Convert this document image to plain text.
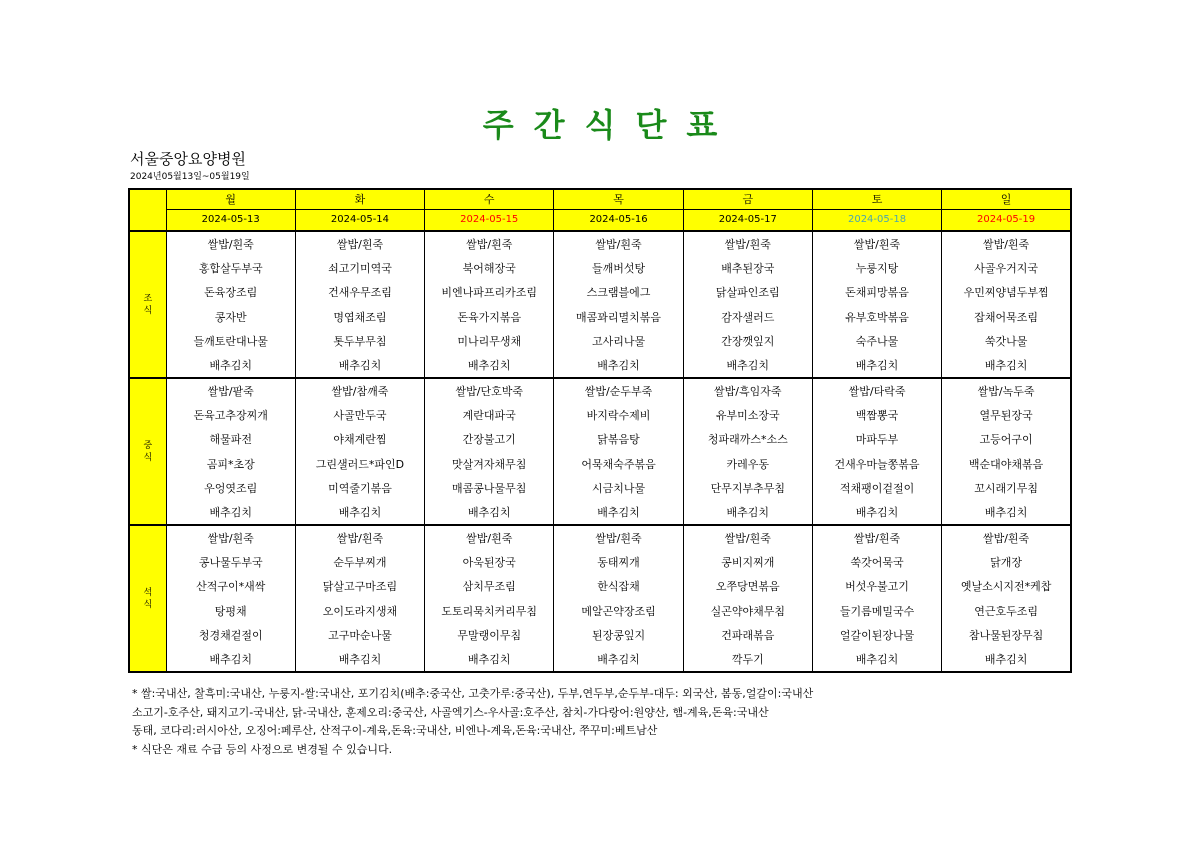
주 간 식 단 표
서울중앙요양병원
2024년05월13일~05월19일
	월	화	수	목	금	토	일
	2024-05-13	2024-05-14	2024-05-15	2024-05-16	2024-05-17	2024-05-18	2024-05-19

조
식	쌀밥/흰죽	쌀밥/흰죽	쌀밥/흰죽	쌀밥/흰죽	쌀밥/흰죽	쌀밥/흰죽	쌀밥/흰죽
	홍합살두부국	쇠고기미역국	북어해장국	들깨버섯탕	배추된장국	누룽지탕	사골우거지국
	돈육장조림	건새우무조림	비엔나파프리카조림	스크램블에그	닭살파인조림	돈채피망볶음	우민찌양념두부찜
	콩자반	명엽채조림	돈육가지볶음	매콤꽈리멸치볶음	감자샐러드	유부호박볶음	잡채어묵조림
	들깨토란대나물	톳두부무침	미나리무생채	고사리나물	간장깻잎지	숙주나물	쑥갓나물
	배추김치	배추김치	배추김치	배추김치	배추김치	배추김치	배추김치

중
식	쌀밥/팥죽	쌀밥/참깨죽	쌀밥/단호박죽	쌀밥/순두부죽	쌀밥/흑임자죽	쌀밥/타락죽	쌀밥/녹두죽
	돈육고추장찌개	사골만두국	계란대파국	바지락수제비	유부미소장국	백짬뽕국	열무된장국
	해물파전	야채계란찜	간장불고기	닭볶음탕	청파래까스*소스	마파두부	고등어구이
	곰피*초장	그린샐러드*파인D	맛살겨자채무침	어묵채숙주볶음	카레우동	건새우마늘쫑볶음	백순대야채볶음
	우엉엿조림	미역줄기볶음	매콤콩나물무침	시금치나물	단무지부추무침	적채팽이겉절이	꼬시래기무침
	배추김치	배추김치	배추김치	배추김치	배추김치	배추김치	배추김치

석
식	쌀밥/흰죽	쌀밥/흰죽	쌀밥/흰죽	쌀밥/흰죽	쌀밥/흰죽	쌀밥/흰죽	쌀밥/흰죽
	콩나물두부국	순두부찌개	아욱된장국	동태찌개	콩비지찌개	쑥갓어묵국	닭개장
	산적구이*새싹	닭살고구마조림	삼치무조림	한식잡채	오쭈당면볶음	버섯우불고기	옛날소시지전*케찹
	탕평채	오이도라지생채	도토리묵치커리무침	메알곤약장조림	실곤약야채무침	들기름메밀국수	연근호두조림
	청경채겉절이	고구마순나물	무말랭이무침	된장콩잎지	건파래볶음	얼갈이된장나물	참나물된장무침
	배추김치	배추김치	배추김치	배추김치	깍두기	배추김치	배추김치
* 쌀:국내산, 찰흑미:국내산, 누룽지-쌀:국내산, 포기김치(배추:중국산, 고춧가루:중국산), 두부,연두부,순두부-대두: 외국산, 봄동,얼갈이:국내산
소고기-호주산, 돼지고기-국내산, 닭-국내산, 훈제오리:중국산, 사골엑기스-우사골:호주산, 참치-가다랑어:원양산, 햄-계육,돈육:국내산
동태, 코다리:러시아산, 오징어:페루산, 산적구이-계육,돈육:국내산, 비엔나-계육,돈육:국내산, 쭈꾸미:베트남산
* 식단은 재료 수급 등의 사정으로 변경될 수 있습니다.
